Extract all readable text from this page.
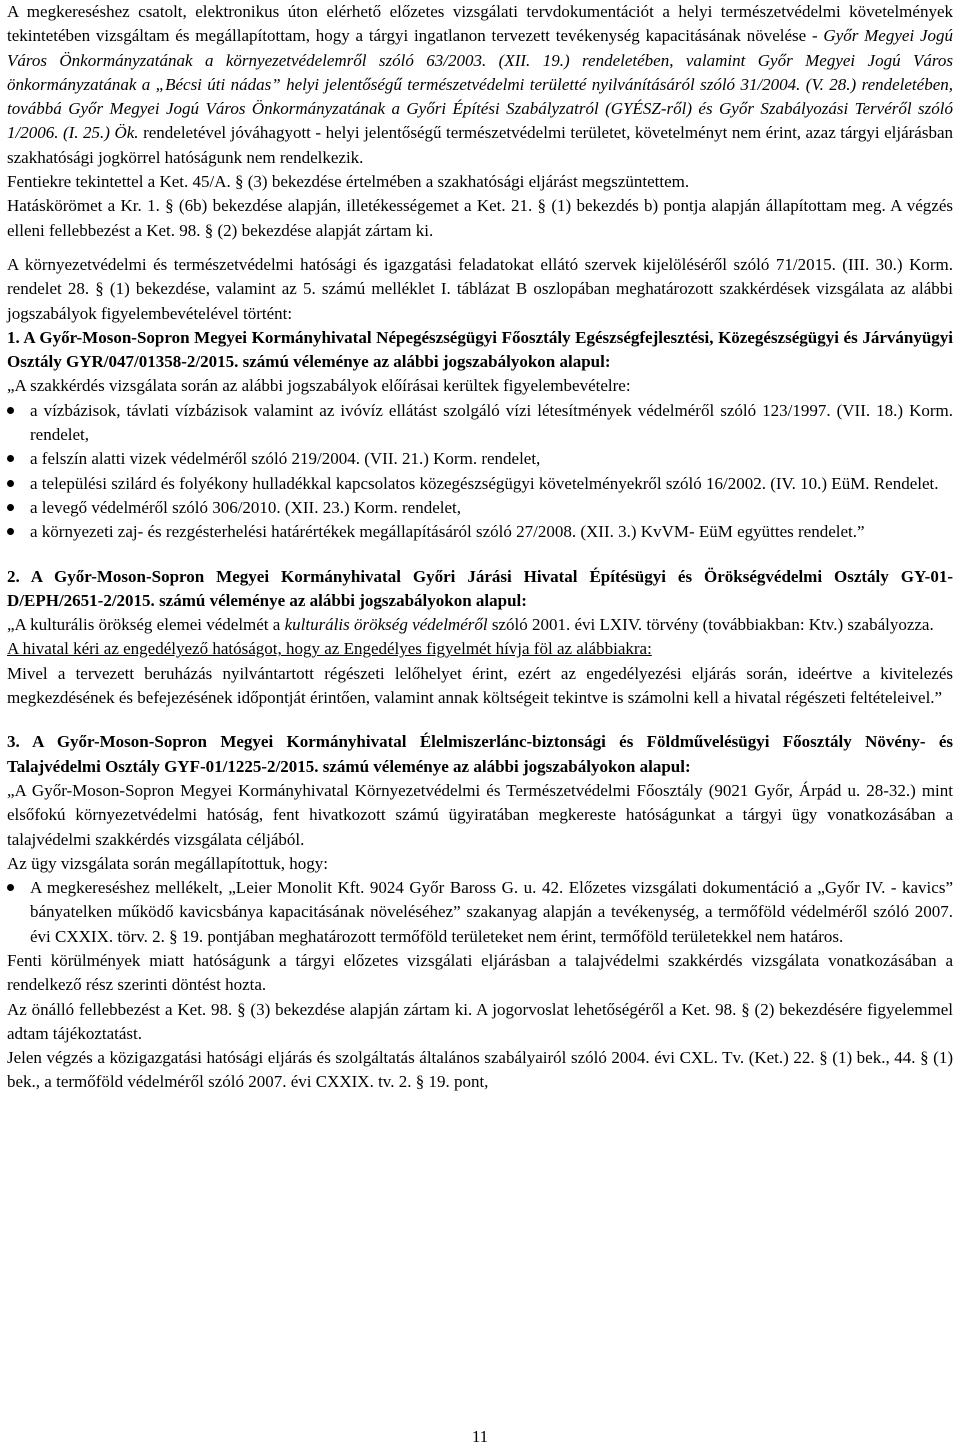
A megkereséshez csatolt, elektronikus úton elérhető előzetes vizsgálati tervdokumentációt a helyi természetvédelmi követelmények tekintetében vizsgáltam és megállapítottam, hogy a tárgyi ingatlanon tervezett tevékenység kapacitásának növelése - Győr Megyei Jogú Város Önkormányzatának a környezetvédelemről szóló 63/2003. (XII. 19.) rendeletében, valamint Győr Megyei Jogú Város önkormányzatának a „Bécsi úti nádas” helyi jelentőségű természetvédelmi területté nyilvánításáról szóló 31/2004. (V. 28.) rendeletében, továbbá Győr Megyei Jogú Város Önkormányzatának a Győri Építési Szabályzatról (GYÉSZ-ről) és Győr Szabályozási Tervéről szóló 1/2006. (I. 25.) Ök. rendeletével jóváhagyott - helyi jelentőségű természetvédelmi területet, követelményt nem érint, azaz tárgyi eljárásban szakhatósági jogkörrel hatóságunk nem rendelkezik.

Fentiekre tekintettel a Ket. 45/A. § (3) bekezdése értelmében a szakhatósági eljárást megszüntettem.

Hatáskörömet a Kr. 1. § (6b) bekezdése alapján, illetékességemet a Ket. 21. § (1) bekezdés b) pontja alapján állapítottam meg. A végzés elleni fellebbezést a Ket. 98. § (2) bekezdése alapját zártam ki.

A környezetvédelmi és természetvédelmi hatósági és igazgatási feladatokat ellátó szervek kijelöléséről szóló 71/2015. (III. 30.) Korm. rendelet 28. § (1) bekezdése, valamint az 5. számú melléklet I. táblázat B oszlopában meghatározott szakkérdések vizsgálata az alábbi jogszabályok figyelembevételével történt:

1. A Győr-Moson-Sopron Megyei Kormányhivatal Népegészségügyi Főosztály Egészségfejlesztési, Közegészségügyi és Járványügyi Osztály GYR/047/01358-2/2015. számú véleménye az alábbi jogszabályokon alapul:

„A szakkérdés vizsgálata során az alábbi jogszabályok előírásai kerültek figyelembevételre:

a vízbázisok, távlati vízbázisok valamint az ivóvíz ellátást szolgáló vízi létesítmények védelméről szóló 123/1997. (VII. 18.) Korm. rendelet,
a felszín alatti vizek védelméről szóló 219/2004. (VII. 21.) Korm. rendelet,
a települési szilárd és folyékony hulladékkal kapcsolatos közegészségügyi követelményekről szóló 16/2002. (IV. 10.) EüM. Rendelet.
a levegő védelméről szóló 306/2010. (XII. 23.) Korm. rendelet,
a környezeti zaj- és rezgésterhelési határértékek megállapításáról szóló 27/2008. (XII. 3.) KvVM- EüM együttes rendelet.”

2. A Győr-Moson-Sopron Megyei Kormányhivatal Győri Járási Hivatal Építésügyi és Örökségvédelmi Osztály GY-01-D/EPH/2651-2/2015. számú véleménye az alábbi jogszabályokon alapul:

„A kulturális örökség elemei védelmét a kulturális örökség védelméről szóló 2001. évi LXIV. törvény (továbbiakban: Ktv.) szabályozza.

A hivatal kéri az engedélyező hatóságot, hogy az Engedélyes figyelmét hívja föl az alábbiakra:

Mivel a tervezett beruházás nyilvántartott régészeti lelőhelyet érint, ezért az engedélyezési eljárás során, ideértve a kivitelezés megkezdésének és befejezésének időpontját érintően, valamint annak költségeit tekintve is számolni kell a hivatal régészeti feltételeivel.”

3. A Győr-Moson-Sopron Megyei Kormányhivatal Élelmiszerlánc-biztonsági és Földművelésügyi Főosztály Növény- és Talajvédelmi Osztály GYF-01/1225-2/2015. számú véleménye az alábbi jogszabályokon alapul:

„A Győr-Moson-Sopron Megyei Kormányhivatal Környezetvédelmi és Természetvédelmi Főosztály (9021 Győr, Árpád u. 28-32.) mint elsőfokú környezetvédelmi hatóság, fent hivatkozott számú ügyiratában megkereste hatóságunkat a tárgyi ügy vonatkozásában a talajvédelmi szakkérdés vizsgálata céljából.

Az ügy vizsgálata során megállapítottuk, hogy:

A megkereséshez mellékelt, „Leier Monolit Kft. 9024 Győr Baross G. u. 42. Előzetes vizsgálati dokumentáció a „Győr IV. - kavics” bányatelken működő kavicsbánya kapacitásának növeléséhez” szakanyag alapján a tevékenység, a termőföld védelméről szóló 2007. évi CXXIX. törv. 2. § 19. pontjában meghatározott termőföld területeket nem érint, termőföld területekkel nem határos.

Fenti körülmények miatt hatóságunk a tárgyi előzetes vizsgálati eljárásban a talajvédelmi szakkérdés vizsgálata vonatkozásában a rendelkező rész szerinti döntést hozta.

Az önálló fellebbezést a Ket. 98. § (3) bekezdése alapján zártam ki. A jogorvoslat lehetőségéről a Ket. 98. § (2) bekezdésére figyelemmel adtam tájékoztatást.

Jelen végzés a közigazgatási hatósági eljárás és szolgáltatás általános szabályairól szóló 2004. évi CXL. Tv. (Ket.) 22. § (1) bek., 44. § (1) bek., a termőföld védelméről szóló 2007. évi CXXIX. tv. 2. § 19. pont,

11
